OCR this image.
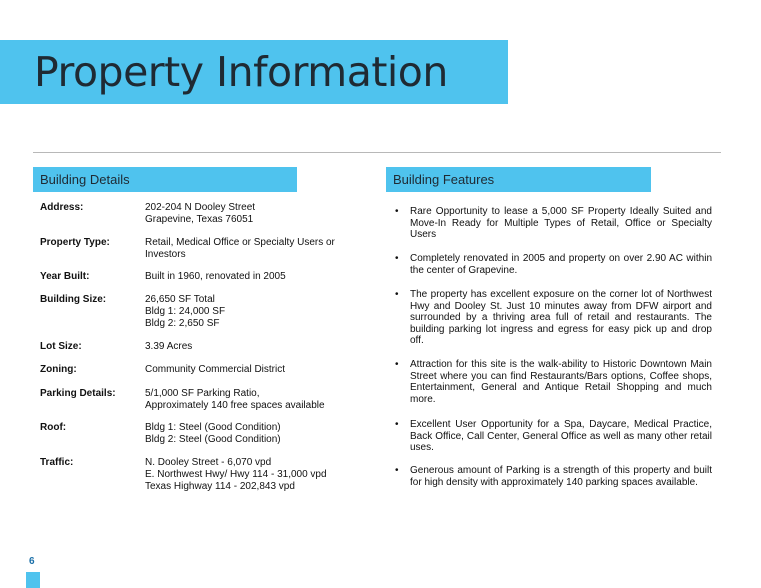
Property Information
Building Details	Building Features
Address:	202-204 N Dooley Street
Grapevine, Texas 76051
Property Type:	Retail, Medical Office or Specialty Users or
Investors
Year Built:	Built in 1960, renovated in 2005
Building Size:	26,650 SF Total
Bldg 1: 24,000 SF
Bldg 2: 2,650 SF
Lot Size:	3.39 Acres
Zoning:	Community Commercial District
Parking Details:	5/1,000 SF Parking Ratio,
Approximately 140 free spaces available
Roof:	Bldg 1: Steel (Good Condition)
Bldg 2: Steel (Good Condition)
Traffic:	N. Dooley Street - 6,070 vpd
E. Northwest Hwy/ Hwy 114 - 31,000 vpd
Texas Highway 114 - 202,843 vpd
• Rare Opportunity to lease a 5,000 SF Property Ideally Suited and Move-In Ready for Multiple Types of Retail, Office or Specialty Users
• Completely renovated in 2005 and property on over 2.90 AC within the center of Grapevine.
• The property has excellent exposure on the corner lot of Northwest Hwy and Dooley St. Just 10 minutes away from DFW airport and surrounded by a thriving area full of retail and restaurants. The building parking lot ingress and egress for easy pick up and drop off.
• Attraction for this site is the walk-ability to Historic Downtown Main Street where you can find Restaurants/Bars options, Coffee shops, Entertainment, General and Antique Retail Shopping and much more.
• Excellent User Opportunity for a Spa, Daycare, Medical Practice, Back Office, Call Center, General Office as well as many other retail uses.
• Generous amount of Parking is a strength of this property and built for high density with approximately 140 parking spaces available.
6
